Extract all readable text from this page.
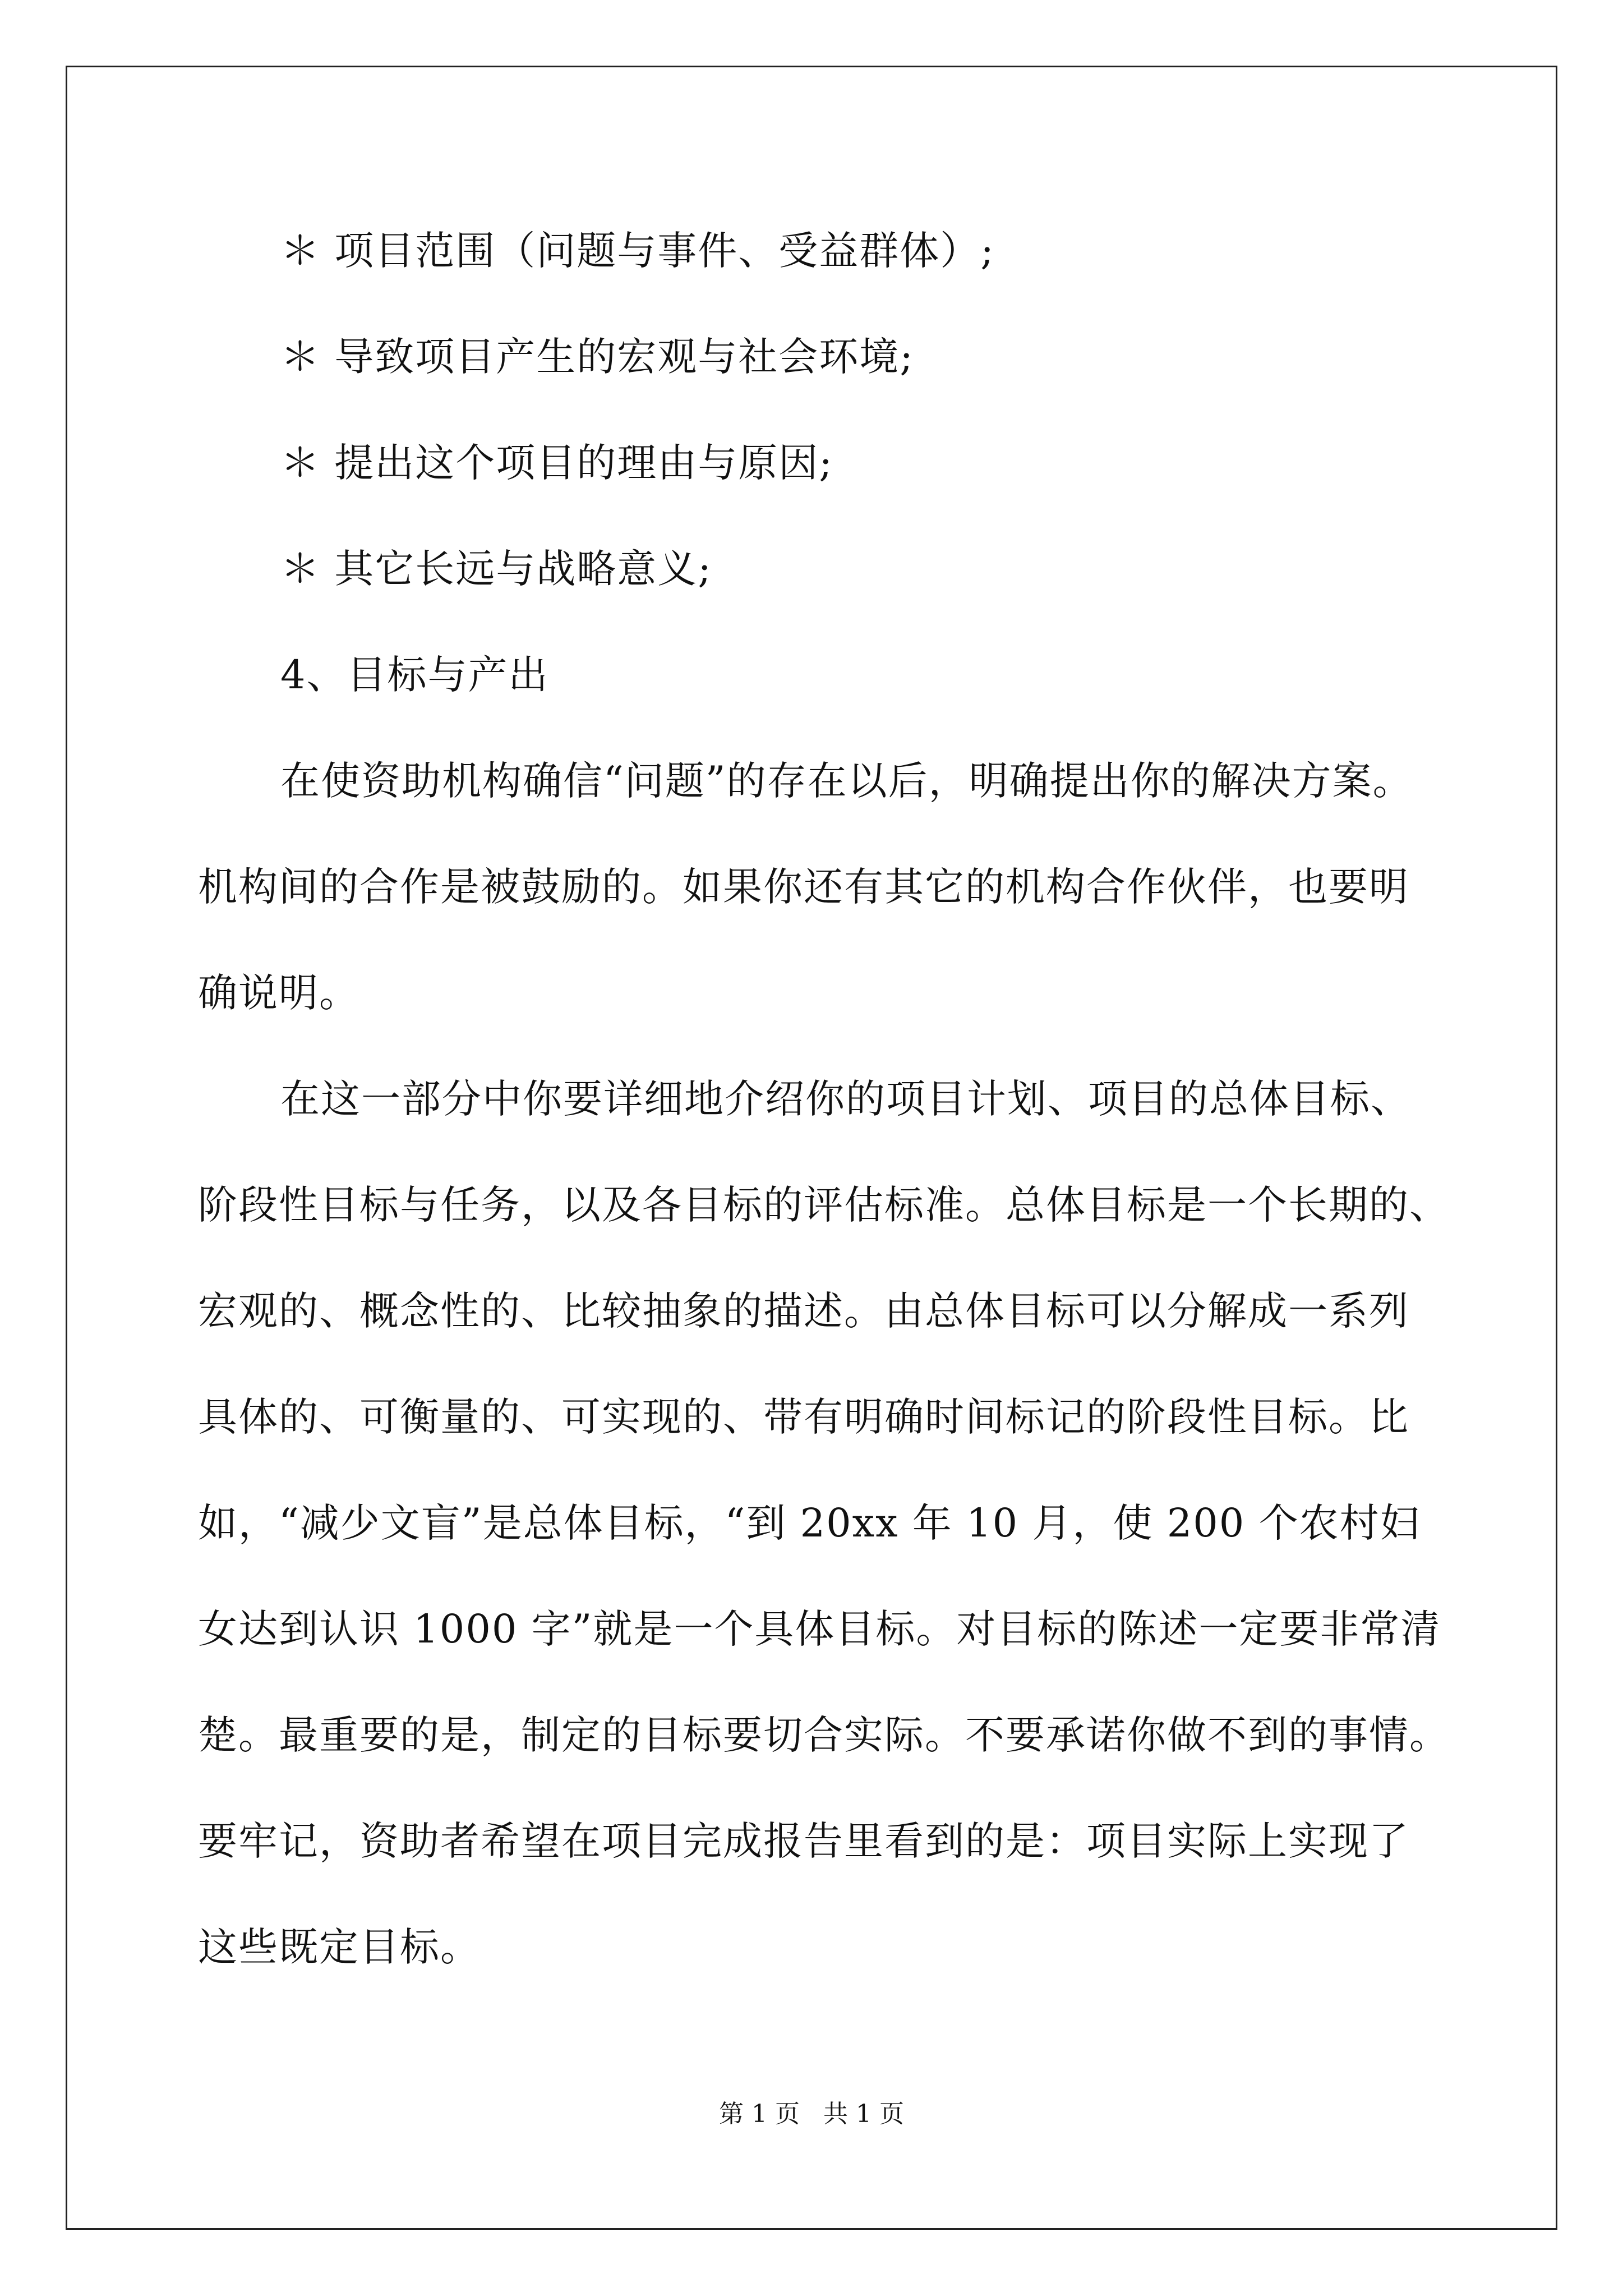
＊ 项目范围（问题与事件、受益群体）;
＊ 导致项目产生的宏观与社会环境;
＊ 提出这个项目的理由与原因;
＊ 其它长远与战略意义;
4、目标与产出
在使资助机构确信“问题”的存在以后，明确提出你的解决方案。
机构间的合作是被鼓励的。如果你还有其它的机构合作伙伴，也要明
确说明。
在这一部分中你要详细地介绍你的项目计划、项目的总体目标、
阶段性目标与任务，以及各目标的评估标准。总体目标是一个长期的、
宏观的、概念性的、比较抽象的描述。由总体目标可以分解成一系列
具体的、可衡量的、可实现的、带有明确时间标记的阶段性目标。比
如，“减少文盲”是总体目标，“到 20xx 年 10 月，使 200 个农村妇
女达到认识 1000 字”就是一个具体目标。对目标的陈述一定要非常清
楚。最重要的是，制定的目标要切合实际。不要承诺你做不到的事情。
要牢记，资助者希望在项目完成报告里看到的是：项目实际上实现了
这些既定目标。
第 1 页   共 1 页
